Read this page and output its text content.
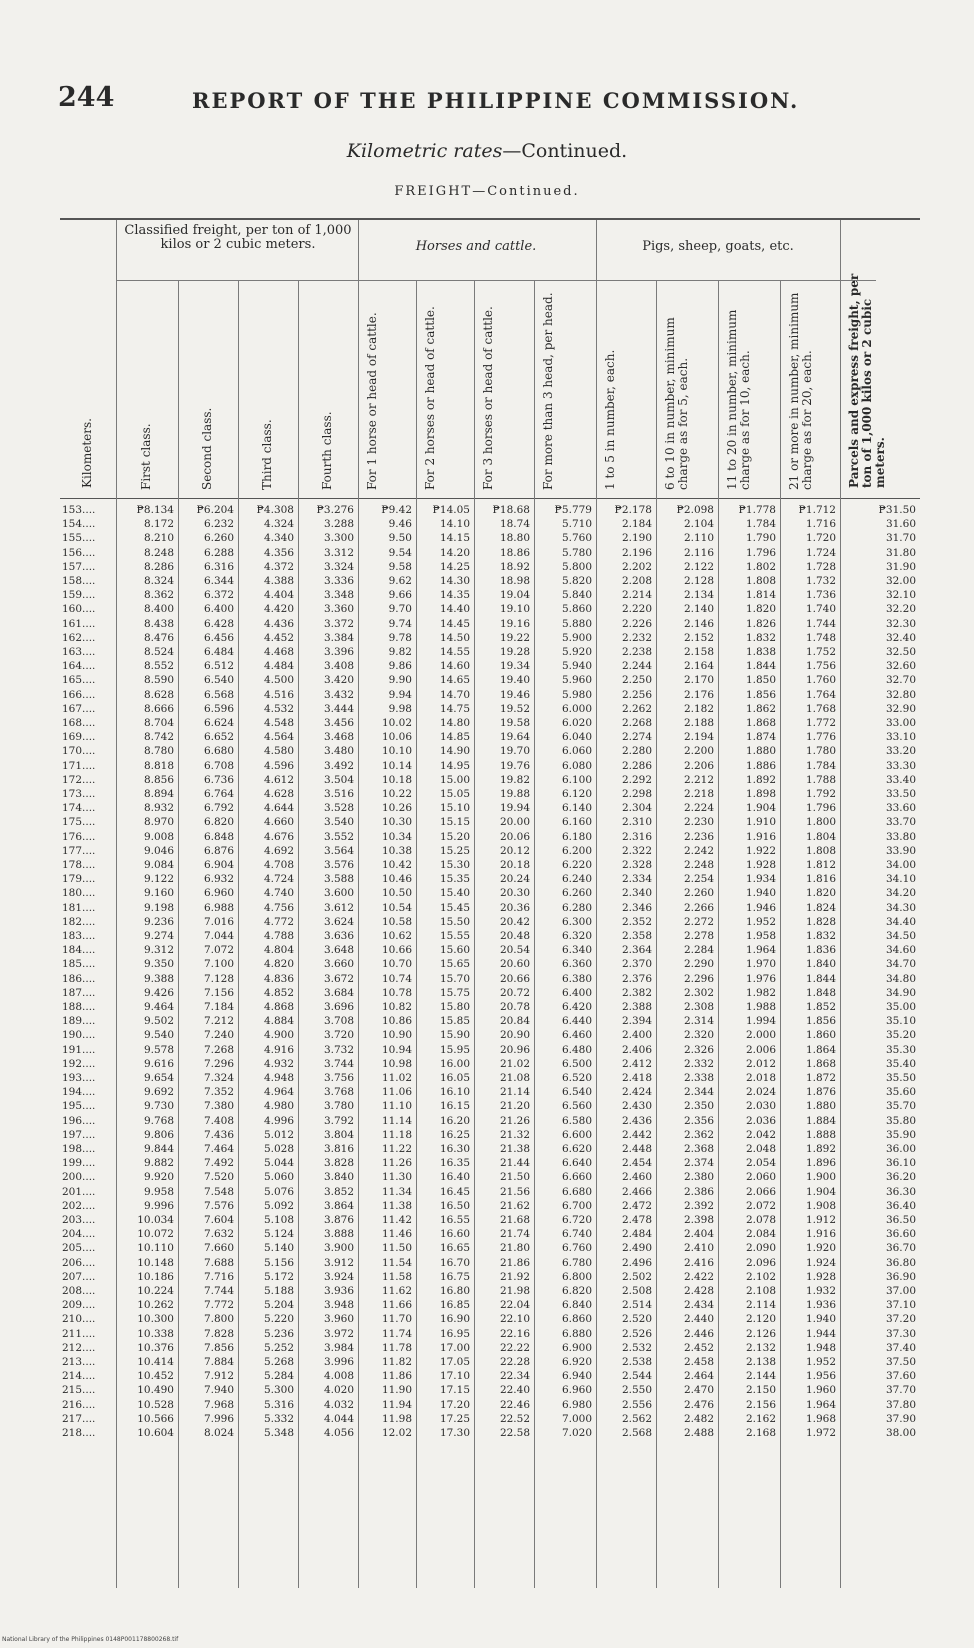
244	REPORT OF THE PHILIPPINE COMMISSION.
Kilometric rates—Continued.
FREIGHT—Continued.
Classified freight, per ton of 1,000 kilos or 2 cubic meters.	Horses and cattle.	Pigs, sheep, goats, etc.
Kilometers.	First class.	Second class.	Third class.	Fourth class.	For 1 horse or head of cattle.	For 2 horses or head of cattle.	For 3 horses or head of cattle.	For more than 3 head, per head.	1 to 5 in number, each.	6 to 10 in number, minimum charge as for 5, each.	11 to 20 in number, minimum charge as for 10, each.	21 or more in number, minimum charge as for 20, each.	Parcels and express freight, per ton of 1,000 kilos or 2 cubic meters.
153....	₱8.134	₱6.204	₱4.308	₱3.276	₱9.42	₱14.05	₱18.68	₱5.779	₱2.178	₱2.098	₱1.778	₱1.712	₱31.50
154....	8.172	6.232	4.324	3.288	9.46	14.10	18.74	5.710	2.184	2.104	1.784	1.716	31.60
155....	8.210	6.260	4.340	3.300	9.50	14.15	18.80	5.760	2.190	2.110	1.790	1.720	31.70
156....	8.248	6.288	4.356	3.312	9.54	14.20	18.86	5.780	2.196	2.116	1.796	1.724	31.80
157....	8.286	6.316	4.372	3.324	9.58	14.25	18.92	5.800	2.202	2.122	1.802	1.728	31.90
158....	8.324	6.344	4.388	3.336	9.62	14.30	18.98	5.820	2.208	2.128	1.808	1.732	32.00
159....	8.362	6.372	4.404	3.348	9.66	14.35	19.04	5.840	2.214	2.134	1.814	1.736	32.10
160....	8.400	6.400	4.420	3.360	9.70	14.40	19.10	5.860	2.220	2.140	1.820	1.740	32.20
161....	8.438	6.428	4.436	3.372	9.74	14.45	19.16	5.880	2.226	2.146	1.826	1.744	32.30
162....	8.476	6.456	4.452	3.384	9.78	14.50	19.22	5.900	2.232	2.152	1.832	1.748	32.40
163....	8.524	6.484	4.468	3.396	9.82	14.55	19.28	5.920	2.238	2.158	1.838	1.752	32.50
164....	8.552	6.512	4.484	3.408	9.86	14.60	19.34	5.940	2.244	2.164	1.844	1.756	32.60
165....	8.590	6.540	4.500	3.420	9.90	14.65	19.40	5.960	2.250	2.170	1.850	1.760	32.70
166....	8.628	6.568	4.516	3.432	9.94	14.70	19.46	5.980	2.256	2.176	1.856	1.764	32.80
167....	8.666	6.596	4.532	3.444	9.98	14.75	19.52	6.000	2.262	2.182	1.862	1.768	32.90
168....	8.704	6.624	4.548	3.456	10.02	14.80	19.58	6.020	2.268	2.188	1.868	1.772	33.00
169....	8.742	6.652	4.564	3.468	10.06	14.85	19.64	6.040	2.274	2.194	1.874	1.776	33.10
170....	8.780	6.680	4.580	3.480	10.10	14.90	19.70	6.060	2.280	2.200	1.880	1.780	33.20
171....	8.818	6.708	4.596	3.492	10.14	14.95	19.76	6.080	2.286	2.206	1.886	1.784	33.30
172....	8.856	6.736	4.612	3.504	10.18	15.00	19.82	6.100	2.292	2.212	1.892	1.788	33.40
173....	8.894	6.764	4.628	3.516	10.22	15.05	19.88	6.120	2.298	2.218	1.898	1.792	33.50
174....	8.932	6.792	4.644	3.528	10.26	15.10	19.94	6.140	2.304	2.224	1.904	1.796	33.60
175....	8.970	6.820	4.660	3.540	10.30	15.15	20.00	6.160	2.310	2.230	1.910	1.800	33.70
176....	9.008	6.848	4.676	3.552	10.34	15.20	20.06	6.180	2.316	2.236	1.916	1.804	33.80
177....	9.046	6.876	4.692	3.564	10.38	15.25	20.12	6.200	2.322	2.242	1.922	1.808	33.90
178....	9.084	6.904	4.708	3.576	10.42	15.30	20.18	6.220	2.328	2.248	1.928	1.812	34.00
179....	9.122	6.932	4.724	3.588	10.46	15.35	20.24	6.240	2.334	2.254	1.934	1.816	34.10
180....	9.160	6.960	4.740	3.600	10.50	15.40	20.30	6.260	2.340	2.260	1.940	1.820	34.20
181....	9.198	6.988	4.756	3.612	10.54	15.45	20.36	6.280	2.346	2.266	1.946	1.824	34.30
182....	9.236	7.016	4.772	3.624	10.58	15.50	20.42	6.300	2.352	2.272	1.952	1.828	34.40
183....	9.274	7.044	4.788	3.636	10.62	15.55	20.48	6.320	2.358	2.278	1.958	1.832	34.50
184....	9.312	7.072	4.804	3.648	10.66	15.60	20.54	6.340	2.364	2.284	1.964	1.836	34.60
185....	9.350	7.100	4.820	3.660	10.70	15.65	20.60	6.360	2.370	2.290	1.970	1.840	34.70
186....	9.388	7.128	4.836	3.672	10.74	15.70	20.66	6.380	2.376	2.296	1.976	1.844	34.80
187....	9.426	7.156	4.852	3.684	10.78	15.75	20.72	6.400	2.382	2.302	1.982	1.848	34.90
188....	9.464	7.184	4.868	3.696	10.82	15.80	20.78	6.420	2.388	2.308	1.988	1.852	35.00
189....	9.502	7.212	4.884	3.708	10.86	15.85	20.84	6.440	2.394	2.314	1.994	1.856	35.10
190....	9.540	7.240	4.900	3.720	10.90	15.90	20.90	6.460	2.400	2.320	2.000	1.860	35.20
191....	9.578	7.268	4.916	3.732	10.94	15.95	20.96	6.480	2.406	2.326	2.006	1.864	35.30
192....	9.616	7.296	4.932	3.744	10.98	16.00	21.02	6.500	2.412	2.332	2.012	1.868	35.40
193....	9.654	7.324	4.948	3.756	11.02	16.05	21.08	6.520	2.418	2.338	2.018	1.872	35.50
194....	9.692	7.352	4.964	3.768	11.06	16.10	21.14	6.540	2.424	2.344	2.024	1.876	35.60
195....	9.730	7.380	4.980	3.780	11.10	16.15	21.20	6.560	2.430	2.350	2.030	1.880	35.70
196....	9.768	7.408	4.996	3.792	11.14	16.20	21.26	6.580	2.436	2.356	2.036	1.884	35.80
197....	9.806	7.436	5.012	3.804	11.18	16.25	21.32	6.600	2.442	2.362	2.042	1.888	35.90
198....	9.844	7.464	5.028	3.816	11.22	16.30	21.38	6.620	2.448	2.368	2.048	1.892	36.00
199....	9.882	7.492	5.044	3.828	11.26	16.35	21.44	6.640	2.454	2.374	2.054	1.896	36.10
200....	9.920	7.520	5.060	3.840	11.30	16.40	21.50	6.660	2.460	2.380	2.060	1.900	36.20
201....	9.958	7.548	5.076	3.852	11.34	16.45	21.56	6.680	2.466	2.386	2.066	1.904	36.30
202....	9.996	7.576	5.092	3.864	11.38	16.50	21.62	6.700	2.472	2.392	2.072	1.908	36.40
203....	10.034	7.604	5.108	3.876	11.42	16.55	21.68	6.720	2.478	2.398	2.078	1.912	36.50
204....	10.072	7.632	5.124	3.888	11.46	16.60	21.74	6.740	2.484	2.404	2.084	1.916	36.60
205....	10.110	7.660	5.140	3.900	11.50	16.65	21.80	6.760	2.490	2.410	2.090	1.920	36.70
206....	10.148	7.688	5.156	3.912	11.54	16.70	21.86	6.780	2.496	2.416	2.096	1.924	36.80
207....	10.186	7.716	5.172	3.924	11.58	16.75	21.92	6.800	2.502	2.422	2.102	1.928	36.90
208....	10.224	7.744	5.188	3.936	11.62	16.80	21.98	6.820	2.508	2.428	2.108	1.932	37.00
209....	10.262	7.772	5.204	3.948	11.66	16.85	22.04	6.840	2.514	2.434	2.114	1.936	37.10
210....	10.300	7.800	5.220	3.960	11.70	16.90	22.10	6.860	2.520	2.440	2.120	1.940	37.20
211....	10.338	7.828	5.236	3.972	11.74	16.95	22.16	6.880	2.526	2.446	2.126	1.944	37.30
212....	10.376	7.856	5.252	3.984	11.78	17.00	22.22	6.900	2.532	2.452	2.132	1.948	37.40
213....	10.414	7.884	5.268	3.996	11.82	17.05	22.28	6.920	2.538	2.458	2.138	1.952	37.50
214....	10.452	7.912	5.284	4.008	11.86	17.10	22.34	6.940	2.544	2.464	2.144	1.956	37.60
215....	10.490	7.940	5.300	4.020	11.90	17.15	22.40	6.960	2.550	2.470	2.150	1.960	37.70
216....	10.528	7.968	5.316	4.032	11.94	17.20	22.46	6.980	2.556	2.476	2.156	1.964	37.80
217....	10.566	7.996	5.332	4.044	11.98	17.25	22.52	7.000	2.562	2.482	2.162	1.968	37.90
218....	10.604	8.024	5.348	4.056	12.02	17.30	22.58	7.020	2.568	2.488	2.168	1.972	38.00
National Library of the Philippines 0148P001178800268.tif
